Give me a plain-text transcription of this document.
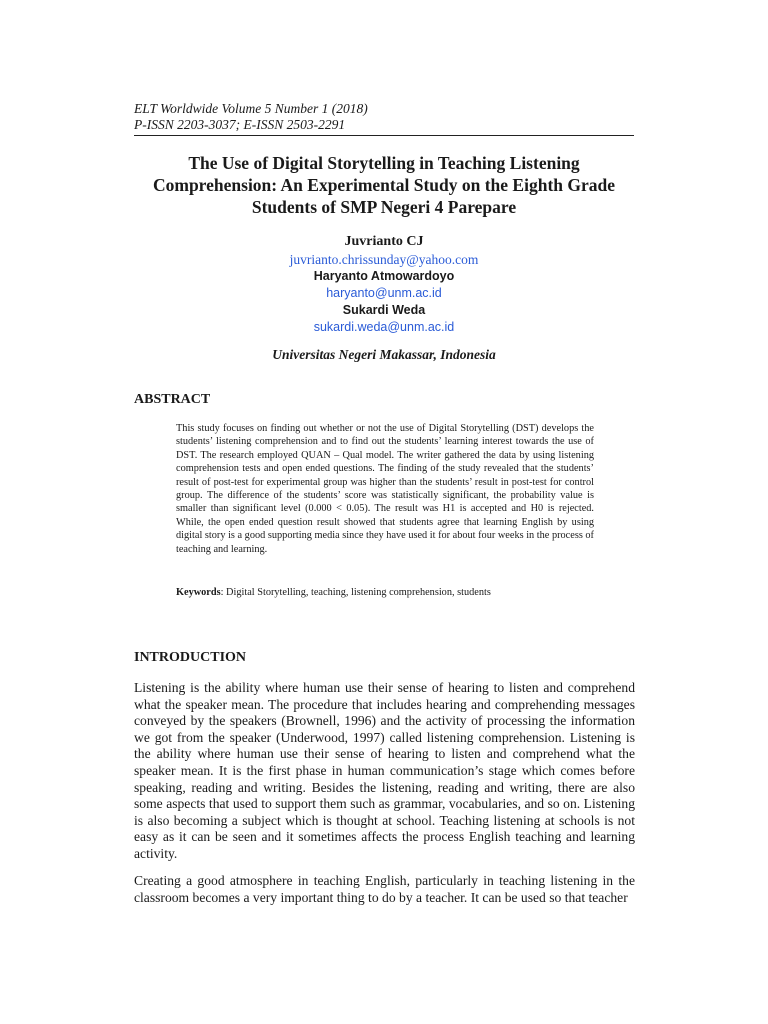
ELT Worldwide Volume 5 Number 1 (2018)

P-ISSN 2203-3037; E-ISSN 2503-2291

The Use of Digital Storytelling in Teaching Listening Comprehension: An Experimental Study on the Eighth Grade Students of SMP Negeri 4 Parepare

Juvrianto CJ

juvrianto.chrissunday@yahoo.com

Haryanto Atmowardoyo

haryanto@unm.ac.id

Sukardi Weda

sukardi.weda@unm.ac.id

Universitas Negeri Makassar, Indonesia

ABSTRACT

This study focuses on finding out whether or not the use of Digital Storytelling (DST) develops the students’ listening comprehension and to find out the students’ learning interest towards the use of DST. The research employed QUAN – Qual model. The writer gathered the data by using listening comprehension tests and open ended questions. The finding of the study revealed that the students’ result of post-test for experimental group was higher than the students’ result in post-test for control group. The difference of the students’ score was statistically significant, the probability value is smaller than significant level (0.000 < 0.05). The result was H1 is accepted and H0 is rejected. While, the open ended question result showed that students agree that learning English by using digital story is a good supporting media since they have used it for about four weeks in the process of teaching and learning.

Keywords: Digital Storytelling, teaching, listening comprehension, students

INTRODUCTION

Listening is the ability where human use their sense of hearing to listen and comprehend what the speaker mean. The procedure that includes hearing and comprehending messages conveyed by the speakers (Brownell, 1996) and the activity of processing the information we got from the speaker (Underwood, 1997) called listening comprehension. Listening is the ability where human use their sense of hearing to listen and comprehend what the speaker mean. It is the first phase in human communication’s stage which comes before speaking, reading and writing. Besides the listening, reading and writing, there are also some aspects that used to support them such as grammar, vocabularies, and so on. Listening is also becoming a subject which is thought at school. Teaching listening at schools is not easy as it can be seen and it sometimes affects the process English teaching and learning activity.

Creating a good atmosphere in teaching English, particularly in teaching listening in the classroom becomes a very important thing to do by a teacher. It can be used so that teacher
